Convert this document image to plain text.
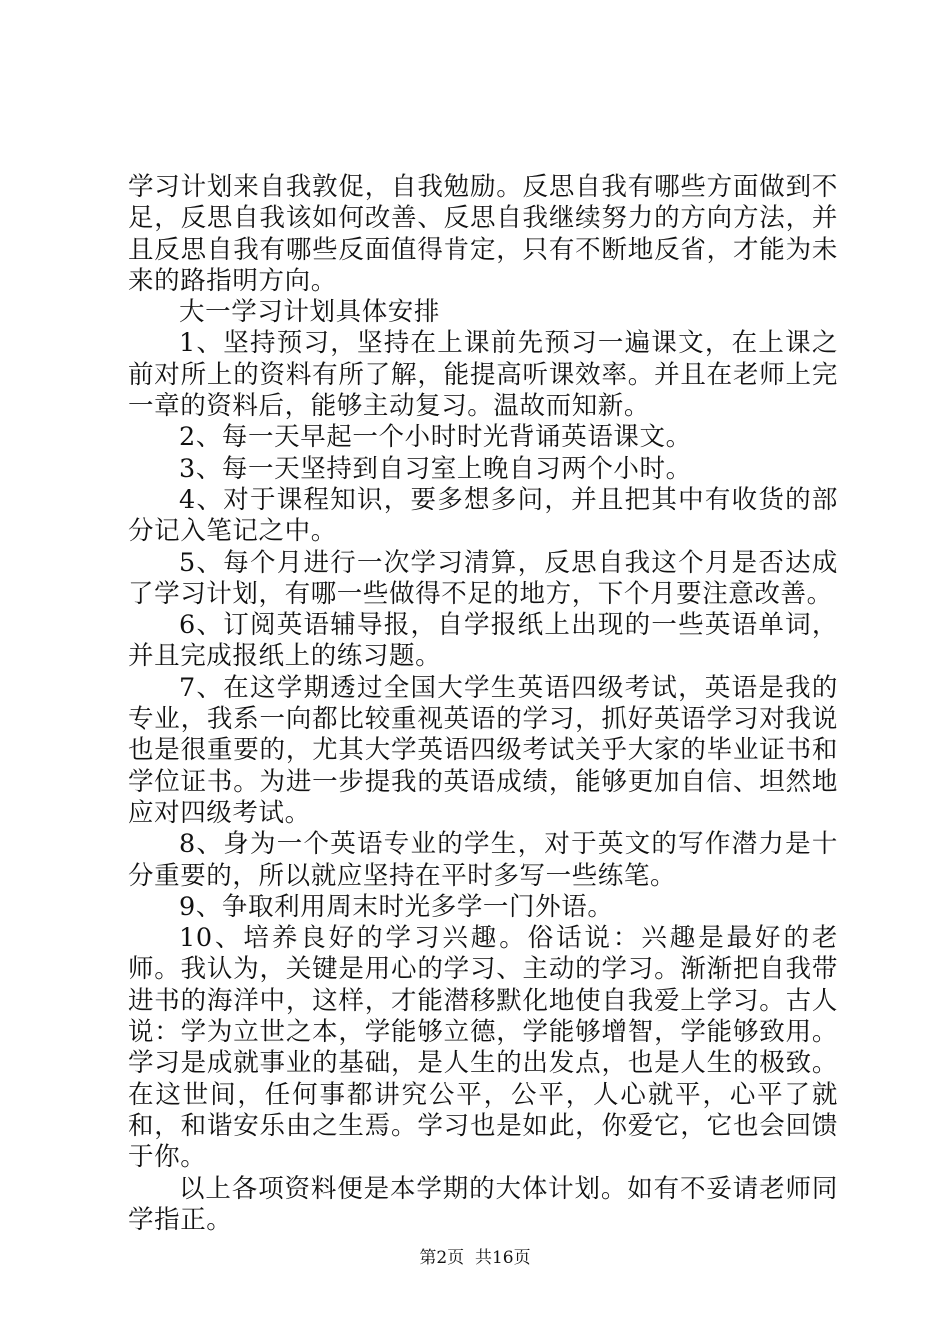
学习计划来自我敦促，自我勉励。反思自我有哪些方面做到不足，反思自我该如何改善、反思自我继续努力的方向方法，并且反思自我有哪些反面值得肯定，只有不断地反省，才能为未来的路指明方向。

大一学习计划具体安排

1、坚持预习，坚持在上课前先预习一遍课文，在上课之前对所上的资料有所了解，能提高听课效率。并且在老师上完一章的资料后，能够主动复习。温故而知新。

2、每一天早起一个小时时光背诵英语课文。

3、每一天坚持到自习室上晚自习两个小时。

4、对于课程知识，要多想多问，并且把其中有收货的部分记入笔记之中。

5、每个月进行一次学习清算，反思自我这个月是否达成了学习计划，有哪一些做得不足的地方，下个月要注意改善。

6、订阅英语辅导报，自学报纸上出现的一些英语单词，并且完成报纸上的练习题。

7、在这学期透过全国大学生英语四级考试，英语是我的专业，我系一向都比较重视英语的学习，抓好英语学习对我说也是很重要的，尤其大学英语四级考试关乎大家的毕业证书和学位证书。为进一步提我的英语成绩，能够更加自信、坦然地应对四级考试。

8、身为一个英语专业的学生，对于英文的写作潜力是十分重要的，所以就应坚持在平时多写一些练笔。

9、争取利用周末时光多学一门外语。

10、培养良好的学习兴趣。俗话说：兴趣是最好的老师。我认为，关键是用心的学习、主动的学习。渐渐把自我带进书的海洋中，这样，才能潜移默化地使自我爱上学习。古人说：学为立世之本，学能够立德，学能够增智，学能够致用。学习是成就事业的基础，是人生的出发点，也是人生的极致。在这世间，任何事都讲究公平，公平，人心就平，心平了就和，和谐安乐由之生焉。学习也是如此，你爱它，它也会回馈于你。

以上各项资料便是本学期的大体计划。如有不妥请老师同学指正。

第2页  共16页
